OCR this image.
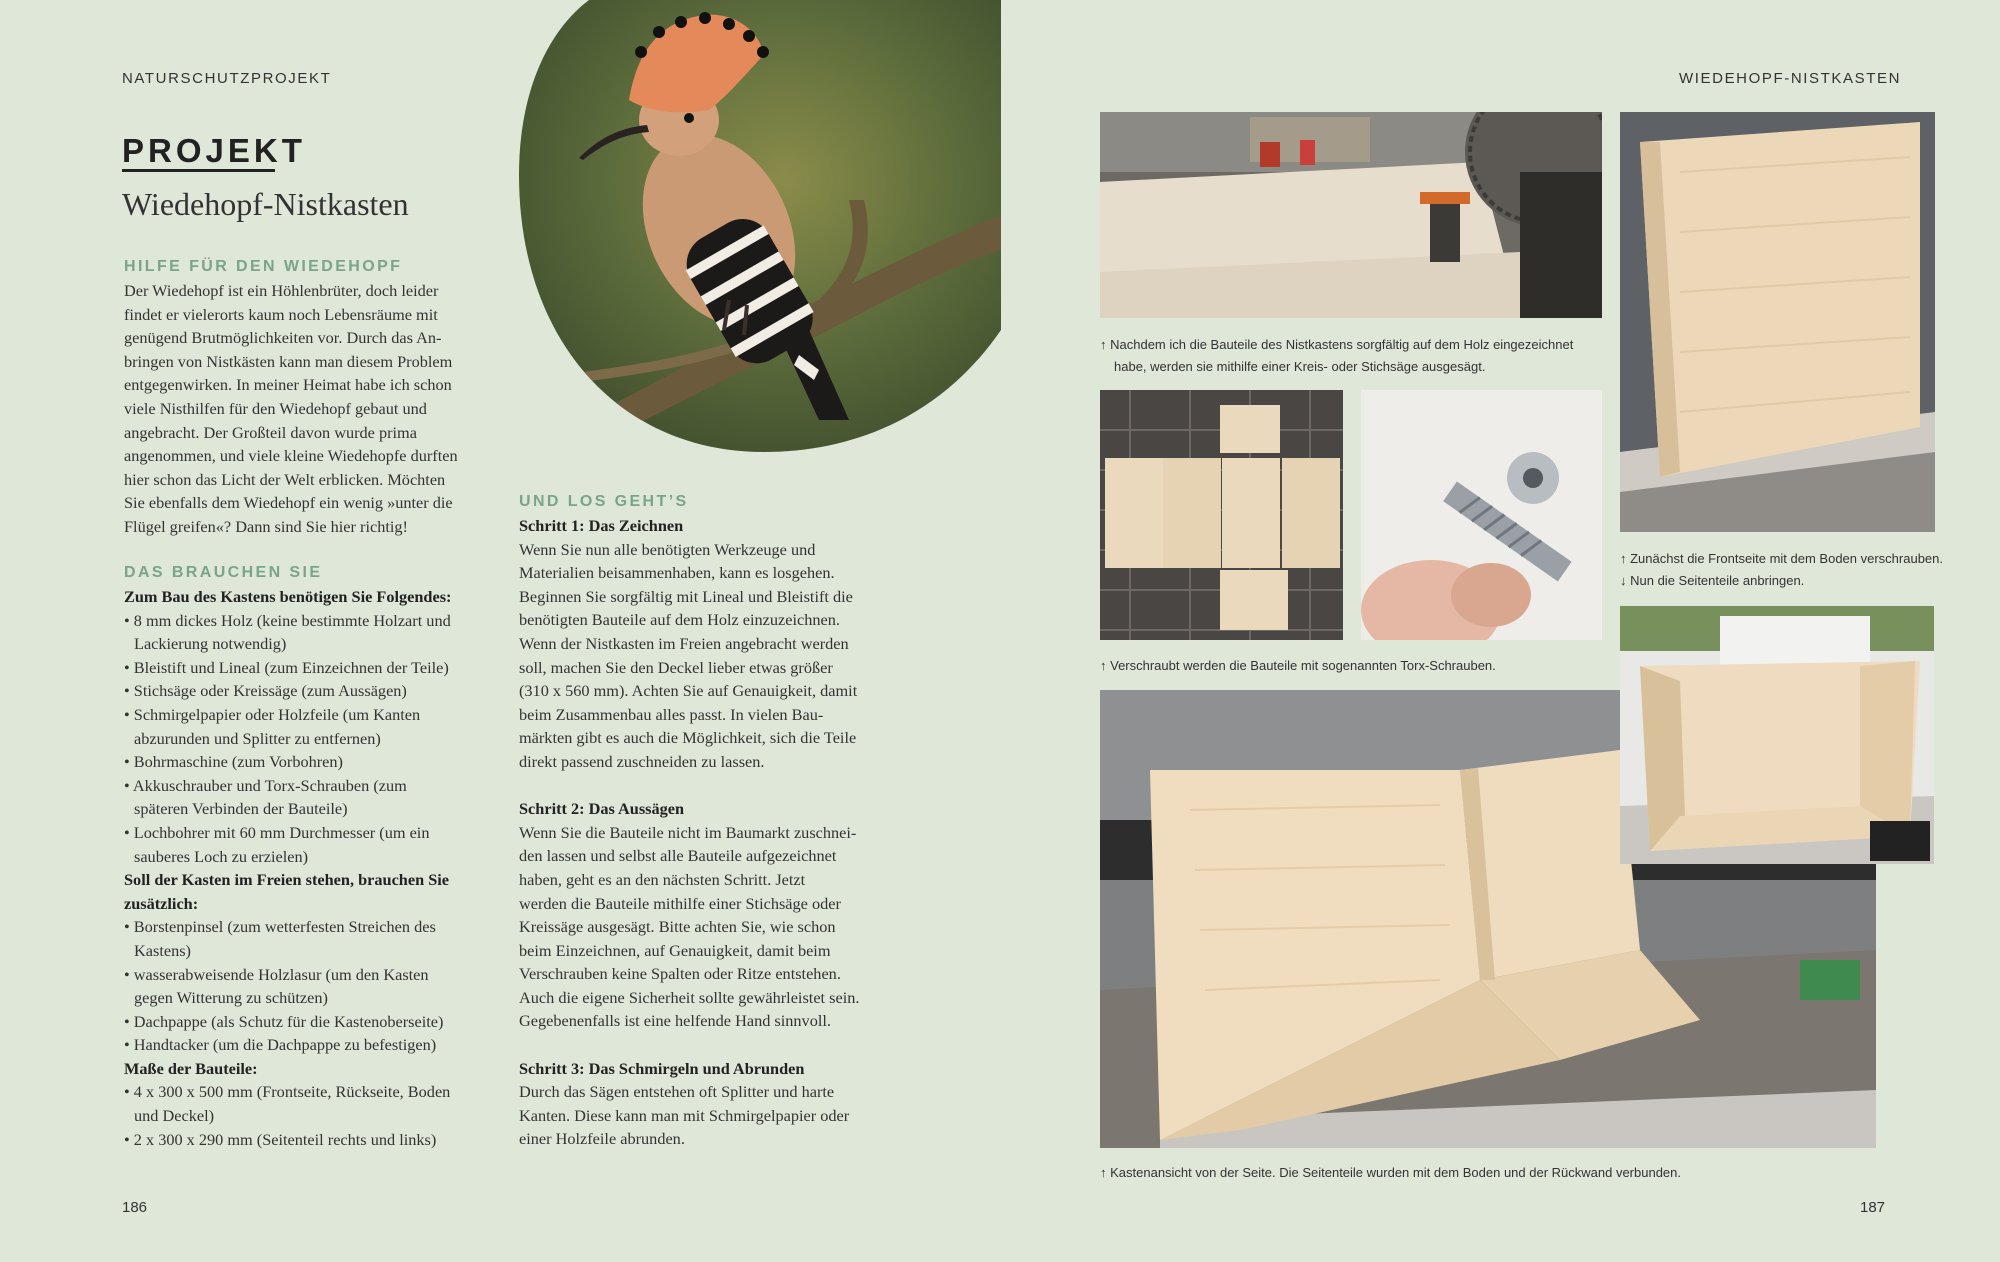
NATURSCHUTZPROJEKT
PROJEKT
Wiedehopf-Nistkasten
HILFE FÜR DEN WIEDEHOPF

Der Wiedehopf ist ein Höhlenbrüter, doch leider

findet er vielerorts kaum noch Lebensräume mit

genügend Brutmöglichkeiten vor. Durch das An-

bringen von Nistkästen kann man diesem Problem

entgegenwirken. In meiner Heimat habe ich schon

viele Nisthilfen für den Wiedehopf gebaut und

angebracht. Der Großteil davon wurde prima

angenommen, und viele kleine Wiedehopfe durften

hier schon das Licht der Welt erblicken. Möchten

Sie ebenfalls dem Wiedehopf ein wenig »unter die

Flügel greifen«? Dann sind Sie hier richtig!

DAS BRAUCHEN SIE

Zum Bau des Kastens benötigen Sie Folgendes:

• 8 mm dickes Holz (keine bestimmte Holzart und

Lackierung notwendig)

• Bleistift und Lineal (zum Einzeichnen der Teile)

• Stichsäge oder Kreissäge (zum Aussägen)

• Schmirgelpapier oder Holzfeile (um Kanten

abzurunden und Splitter zu entfernen)

• Bohrmaschine (zum Vorbohren)

• Akkuschrauber und Torx-Schrauben (zum

späteren Verbinden der Bauteile)

• Lochbohrer mit 60 mm Durchmesser (um ein

sauberes Loch zu erzielen)

Soll der Kasten im Freien stehen, brauchen Sie

zusätzlich:

• Borstenpinsel (zum wetterfesten Streichen des

Kastens)

• wasserabweisende Holzlasur (um den Kasten

gegen Witterung zu schützen)

• Dachpappe (als Schutz für die Kastenoberseite)

• Handtacker (um die Dachpappe zu befestigen)

Maße der Bauteile:

• 4 x 300 x 500 mm (Frontseite, Rückseite, Boden

und Deckel)

• 2 x 300 x 290 mm (Seitenteil rechts und links)

UND LOS GEHT’S

Schritt 1: Das Zeichnen

Wenn Sie nun alle benötigten Werkzeuge und

Materialien beisammenhaben, kann es losgehen.

Beginnen Sie sorgfältig mit Lineal und Bleistift die

benötigten Bauteile auf dem Holz einzuzeichnen.

Wenn der Nistkasten im Freien angebracht werden

soll, machen Sie den Deckel lieber etwas größer

(310 x 560 mm). Achten Sie auf Genauigkeit, damit

beim Zusammenbau alles passt. In vielen Bau-

märkten gibt es auch die Möglichkeit, sich die Teile

direkt passend zuschneiden zu lassen.

Schritt 2: Das Aussägen

Wenn Sie die Bauteile nicht im Baumarkt zuschnei-

den lassen und selbst alle Bauteile aufgezeichnet

haben, geht es an den nächsten Schritt. Jetzt

werden die Bauteile mithilfe einer Stichsäge oder

Kreissäge ausgesägt. Bitte achten Sie, wie schon

beim Einzeichnen, auf Genauigkeit, damit beim

Verschrauben keine Spalten oder Ritze entstehen.

Auch die eigene Sicherheit sollte gewährleistet sein.

Gegebenenfalls ist eine helfende Hand sinnvoll.

Schritt 3: Das Schmirgeln und Abrunden

Durch das Sägen entstehen oft Splitter und harte

Kanten. Diese kann man mit Schmirgelpapier oder

einer Holzfeile abrunden.

186
WIEDEHOPF-NISTKASTEN
↑ Nachdem ich die Bauteile des Nistkastens sorgfältig auf dem Holz eingezeichnet
habe, werden sie mithilfe einer Kreis- oder Stichsäge ausgesägt.
↑ Zunächst die Frontseite mit dem Boden verschrauben.
↓ Nun die Seitenteile anbringen.
↑ Verschraubt werden die Bauteile mit sogenannten Torx-Schrauben.
↑ Kastenansicht von der Seite. Die Seitenteile wurden mit dem Boden und der Rückwand verbunden.
187
